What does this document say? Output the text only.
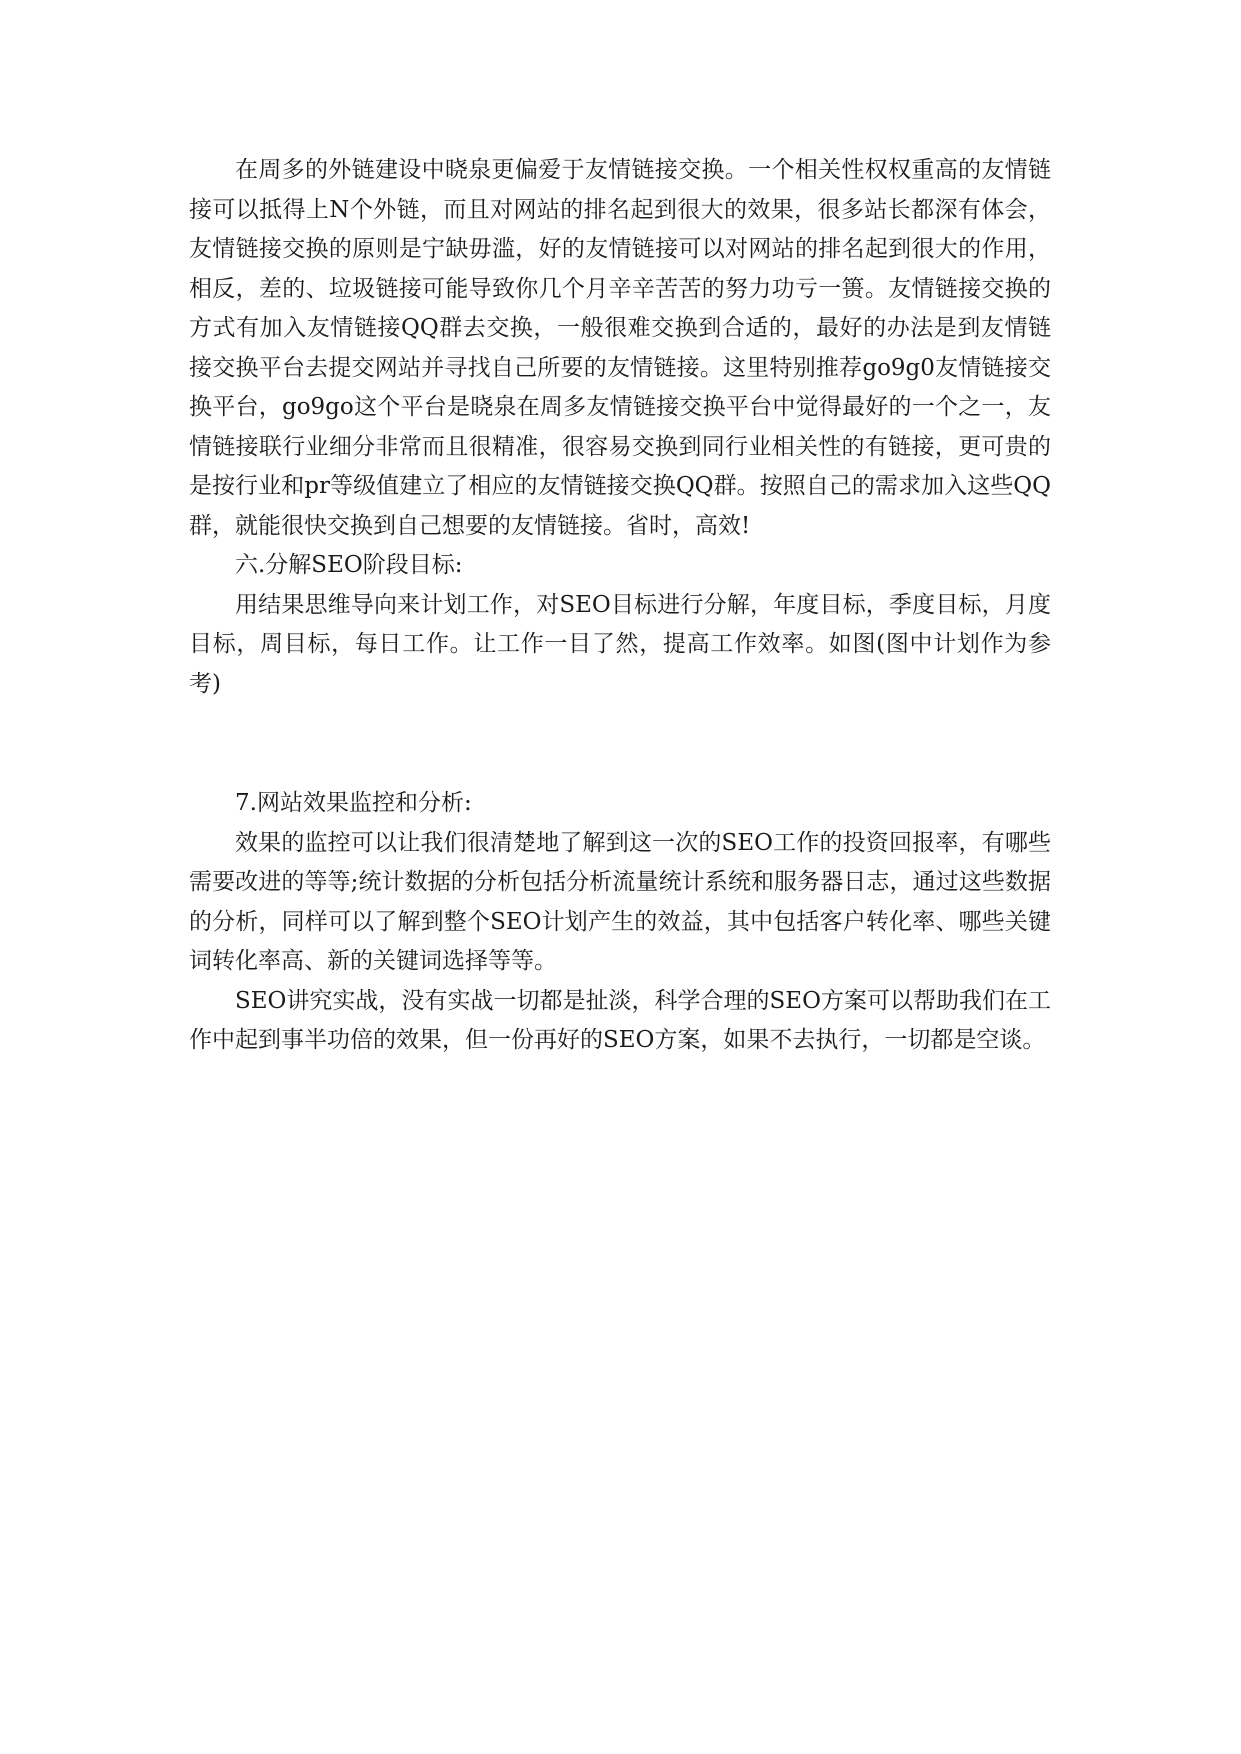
在周多的外链建设中晓泉更偏爱于友情链接交换。一个相关性权权重高的友情链接可以抵得上N个外链，而且对网站的排名起到很大的效果，很多站长都深有体会，友情链接交换的原则是宁缺毋滥，好的友情链接可以对网站的排名起到很大的作用，相反，差的、垃圾链接可能导致你几个月辛辛苦苦的努力功亏一篑。友情链接交换的方式有加入友情链接QQ群去交换，一般很难交换到合适的，最好的办法是到友情链接交换平台去提交网站并寻找自己所要的友情链接。这里特别推荐go9g0友情链接交换平台，go9go这个平台是晓泉在周多友情链接交换平台中觉得最好的一个之一，友情链接联行业细分非常而且很精准，很容易交换到同行业相关性的有链接，更可贵的是按行业和pr等级值建立了相应的友情链接交换QQ群。按照自己的需求加入这些QQ群，就能很快交换到自己想要的友情链接。省时，高效!

六.分解SEO阶段目标:

用结果思维导向来计划工作，对SEO目标进行分解，年度目标，季度目标，月度目标，周目标，每日工作。让工作一目了然，提高工作效率。如图(图中计划作为参考)

7.网站效果监控和分析:

效果的监控可以让我们很清楚地了解到这一次的SEO工作的投资回报率，有哪些需要改进的等等;统计数据的分析包括分析流量统计系统和服务器日志，通过这些数据的分析，同样可以了解到整个SEO计划产生的效益，其中包括客户转化率、哪些关键词转化率高、新的关键词选择等等。

SEO讲究实战，没有实战一切都是扯淡，科学合理的SEO方案可以帮助我们在工作中起到事半功倍的效果，但一份再好的SEO方案，如果不去执行，一切都是空谈。
